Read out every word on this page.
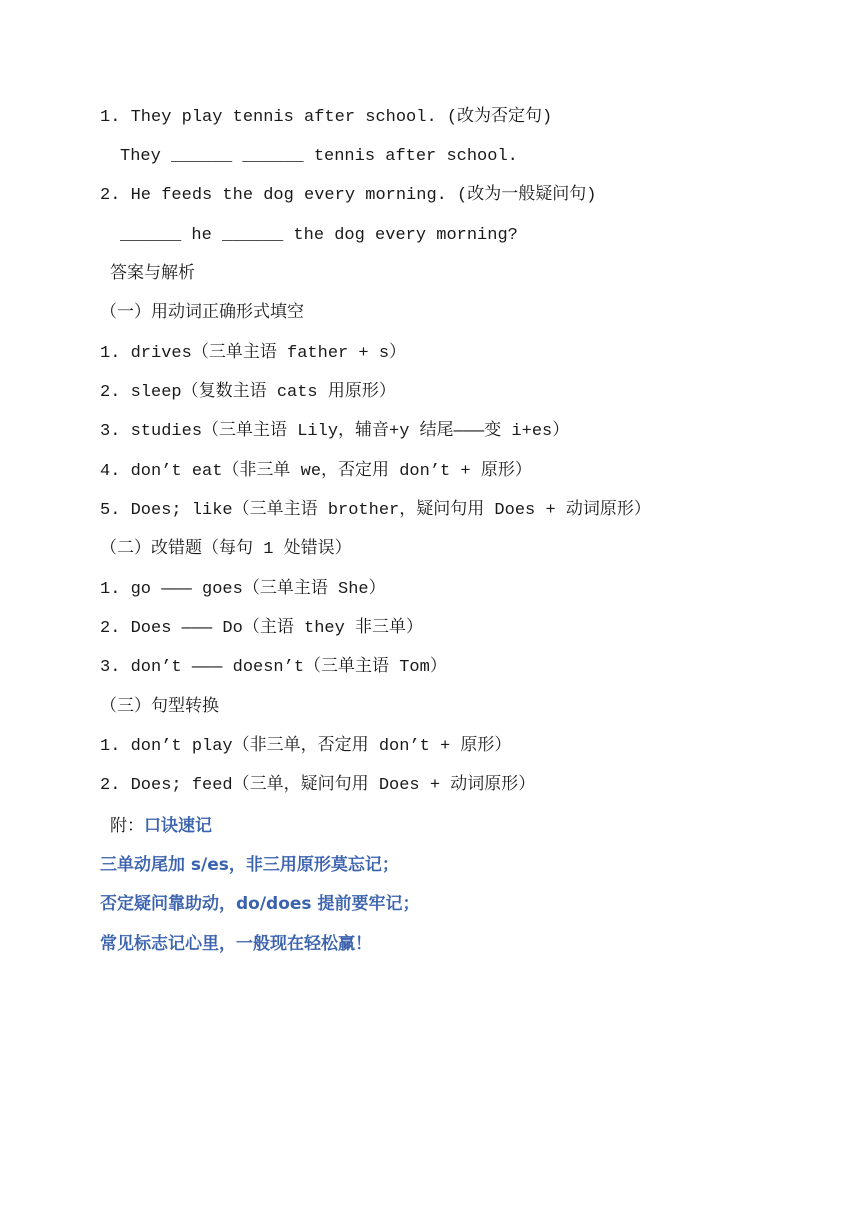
1. They play tennis after school. (改为否定句)
They ______ ______ tennis after school.
2. He feeds the dog every morning. (改为一般疑问句)
______ he ______ the dog every morning?
答案与解析
（一）用动词正确形式填空
1. drives（三单主语 father + s）
2. sleep（复数主语 cats 用原形）
3. studies（三单主语 Lily，辅音+y 结尾———变 i+es）
4. don’t eat（非三单 we，否定用 don’t + 原形）
5. Does; like（三单主语 brother，疑问句用 Does + 动词原形）
（二）改错题（每句 1 处错误）
1. go ——— goes（三单主语 She）
2. Does ——— Do（主语 they 非三单）
3. don’t ——— doesn’t（三单主语 Tom）
（三）句型转换
1. don’t play（非三单，否定用 don’t + 原形）
2. Does; feed（三单，疑问句用 Does + 动词原形）
附：口诀速记
三单动尾加 s/es，非三用原形莫忘记；
否定疑问靠助动，do/does 提前要牢记；
常见标志记心里，一般现在轻松赢！
